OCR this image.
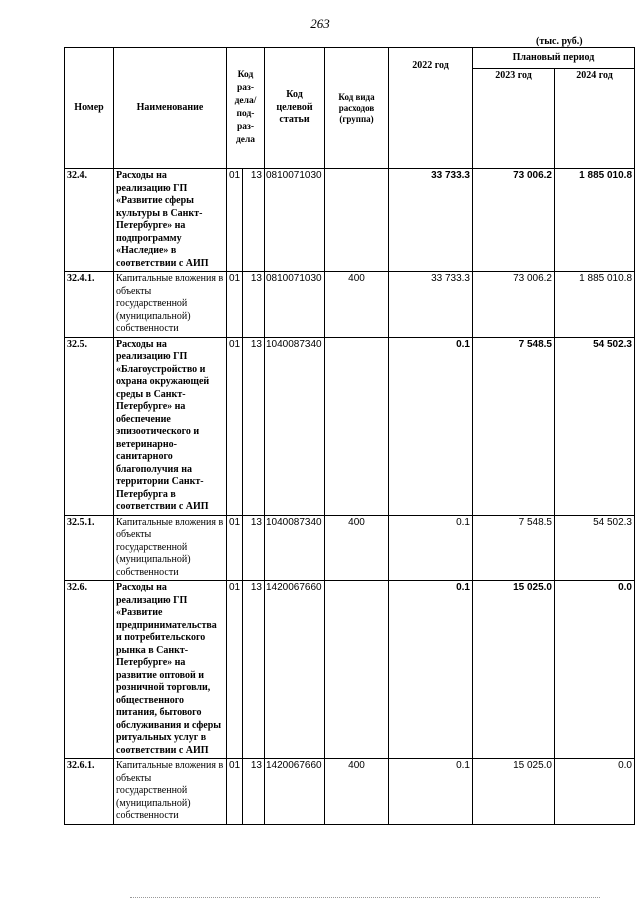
263
(тыс. руб.)
Номер	Наименование	Код раз-дела/ под-раз-дела		Код целевой статьи	Код вида расходов (группа)	2022 год	Плановый период	
							2023 год	2024 год
32.4.	Расходы на реализацию ГП «Развитие сферы культуры в Санкт-Петербурге» на подпрограмму «Наследие» в соответствии с АИП	01	13	0810071030		33 733.3	73 006.2	1 885 010.8
32.4.1.	Капитальные вложения в объекты государственной (муниципальной) собственности	01	13	0810071030	400	33 733.3	73 006.2	1 885 010.8
32.5.	Расходы на реализацию ГП «Благоустройство и охрана окружающей среды в Санкт-Петербурге» на обеспечение эпизоотического и ветеринарно-санитарного благополучия на территории Санкт-Петербурга в соответствии с АИП	01	13	1040087340		0.1	7 548.5	54 502.3
32.5.1.	Капитальные вложения в объекты государственной (муниципальной) собственности	01	13	1040087340	400	0.1	7 548.5	54 502.3
32.6.	Расходы на реализацию ГП «Развитие предпринимательства и потребительского рынка в Санкт-Петербурге» на развитие оптовой и розничной торговли, общественного питания, бытового обслуживания и сферы ритуальных услуг в соответствии с АИП	01	13	1420067660		0.1	15 025.0	0.0
32.6.1.	Капитальные вложения в объекты государственной (муниципальной) собственности	01	13	1420067660	400	0.1	15 025.0	0.0
